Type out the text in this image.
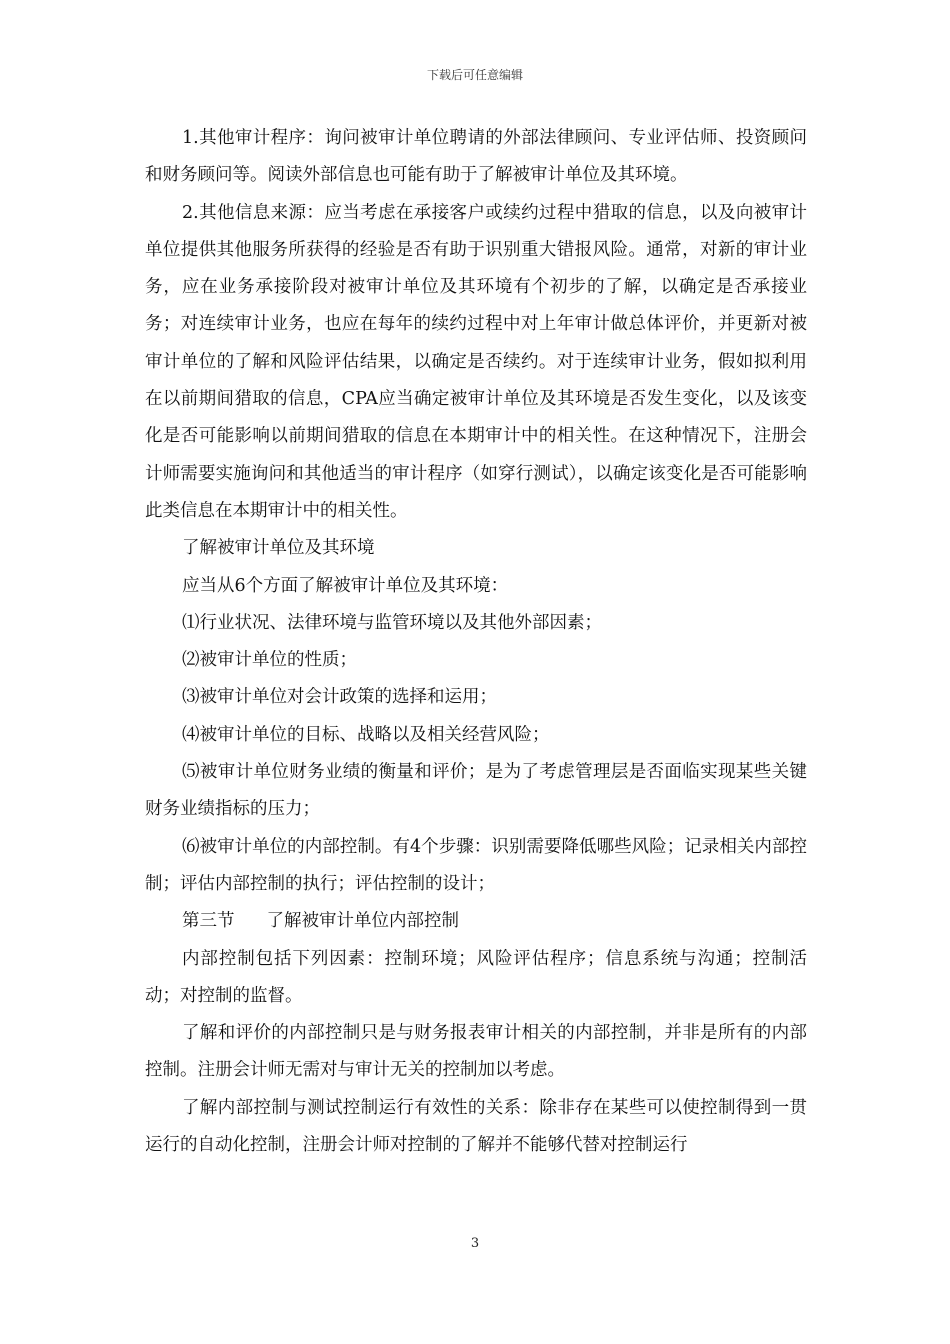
下载后可任意编辑

1.其他审计程序：询问被审计单位聘请的外部法律顾问、专业评估师、投资顾问和财务顾问等。阅读外部信息也可能有助于了解被审计单位及其环境。

2.其他信息来源：应当考虑在承接客户或续约过程中猎取的信息，以及向被审计单位提供其他服务所获得的经验是否有助于识别重大错报风险。通常，对新的审计业务，应在业务承接阶段对被审计单位及其环境有个初步的了解，以确定是否承接业务；对连续审计业务，也应在每年的续约过程中对上年审计做总体评价，并更新对被审计单位的了解和风险评估结果，以确定是否续约。对于连续审计业务，假如拟利用在以前期间猎取的信息，CPA应当确定被审计单位及其环境是否发生变化，以及该变化是否可能影响以前期间猎取的信息在本期审计中的相关性。在这种情况下，注册会计师需要实施询问和其他适当的审计程序（如穿行测试），以确定该变化是否可能影响此类信息在本期审计中的相关性。

了解被审计单位及其环境

应当从6个方面了解被审计单位及其环境：

⑴行业状况、法律环境与监管环境以及其他外部因素；

⑵被审计单位的性质；

⑶被审计单位对会计政策的选择和运用；

⑷被审计单位的目标、战略以及相关经营风险；

⑸被审计单位财务业绩的衡量和评价；是为了考虑管理层是否面临实现某些关键财务业绩指标的压力；

⑹被审计单位的内部控制。有4个步骤：识别需要降低哪些风险；记录相关内部控制；评估内部控制的执行；评估控制的设计；

第三节 了解被审计单位内部控制

内部控制包括下列因素：控制环境；风险评估程序；信息系统与沟通；控制活动；对控制的监督。

了解和评价的内部控制只是与财务报表审计相关的内部控制，并非是所有的内部控制。注册会计师无需对与审计无关的控制加以考虑。

了解内部控制与测试控制运行有效性的关系：除非存在某些可以使控制得到一贯运行的自动化控制，注册会计师对控制的了解并不能够代替对控制运行

3
